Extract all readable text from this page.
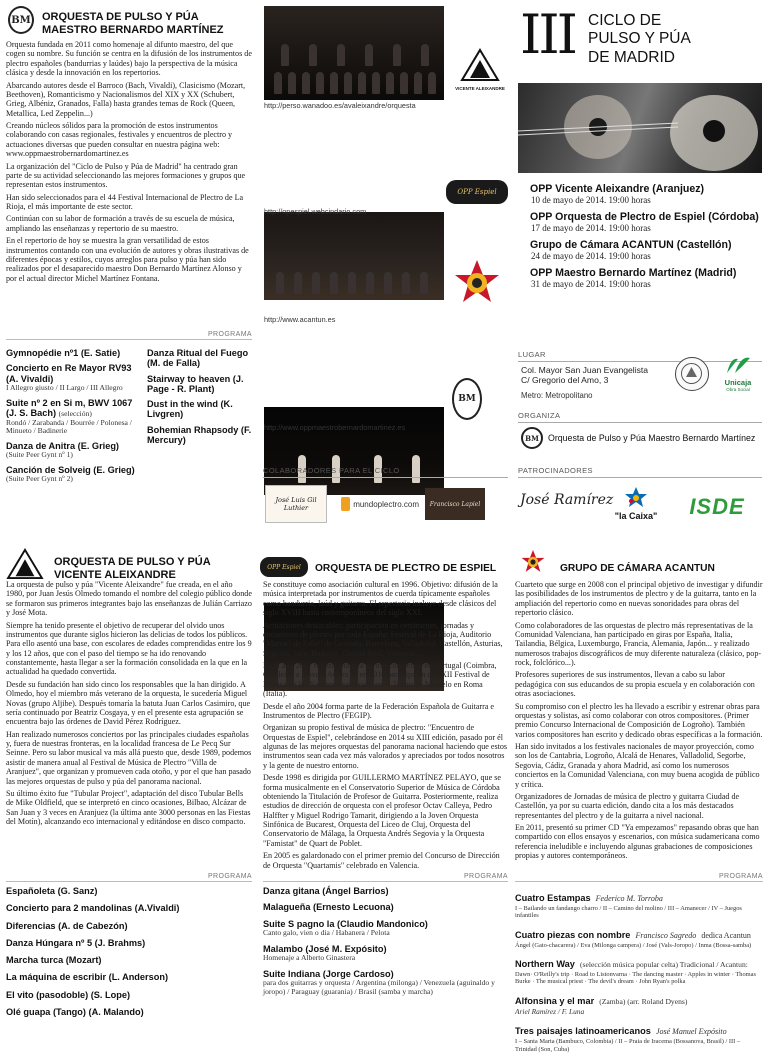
BM ORQUESTA DE PULSO Y PÚA
MAESTRO BERNARDO MARTÍNEZ

Orquesta fundada en 2011 como homenaje al difunto maestro, del que cogen su nombre. Su función se centra en la difusión de los instrumentos de plectro españoles (bandurrias y laúdes) bajo la perspectiva de la música clásica y desde la innovación en los repertorios.

Abarcando autores desde el Barroco (Bach, Vivaldi), Clasicismo (Mozart, Beethoven), Romanticismo y Nacionalismos del XIX y XX (Schubert, Grieg, Albéniz, Granados, Falla) hasta grandes temas de Rock (Queen, Metallica, Led Zeppelin...)

Creando núcleos sólidos para la promoción de estos instrumentos colaborando con casas regionales, festivales y encuentros de plectro y actuaciones diversas que pueden consultar en nuestra página web: www.oppmaestrobernardomartinez.es

La organización del "Ciclo de Pulso y Púa de Madrid" ha centrado gran parte de su actividad seleccionando las mejores formaciones y grupos que representan estos instrumentos.

Han sido seleccionados para el 44 Festival Internacional de Plectro de La Rioja, el más importante de este sector.

Continúan con su labor de formación a través de su escuela de música, ampliando las enseñanzas y repertorio de su maestro.

En el repertorio de hoy se muestra la gran versatilidad de estos instrumentos contando con una evolución de autores y obras ilustrativas de diferentes épocas y estilos, cuyos arreglos para pulso y púa han sido realizados por el desaparecido maestro Don Bernardo Martínez Alonso y por el actual director Michel Martínez Fontana.

PROGRAMA
Gymnopédie nº1 (E. Satie)
Concierto en Re Mayor RV93 (A. Vivaldi)
I Allegro giusto / II Largo / III Allegro
Suite nº 2 en Si m, BWV 1067 (J. S. Bach) (selección)
Rondó / Zarabanda / Bourrée / Polonesa / Minueto / Badinerie
Danza de Anitra (E. Grieg)
(Suite Peer Gynt nº 1)
Canción de Solveig (E. Grieg)
(Suite Peer Gynt nº 2)
Danza Ritual del Fuego (M. de Falla)
Stairway to heaven (J. Page - R. Plant)
Dust in the wind (K. Livgren)
Bohemian Rhapsody (F. Mercury)
VICENTE ALEIXANDRE
http://perso.wanadoo.es/avaleixandre/orquesta
OPP Espiel
http://opespiel.webcindario.com
http://www.acantun.es
BM
http://www.oppmaestrobernardomartinez.es
COLABORADORES PARA EL CICLO
José Luis Gil Luthier	mundoplectro.com Francisco Lapiel
III CICLO DE
PULSO Y PÚA
DE MADRID
OPP Vicente Aleixandre (Aranjuez)
10 de mayo de 2014. 19:00 horas
OPP Orquesta de Plectro de Espiel (Córdoba)
17 de mayo de 2014. 19:00 horas
Grupo de Cámara ACANTUN (Castellón)
24 de mayo de 2014. 19:00 horas
OPP Maestro Bernardo Martínez (Madrid)
31 de mayo de 2014. 19:00 horas
LUGAR
Col. Mayor San Juan Evangelista
C/ Gregorio del Amo, 3
Metro: Metropolitano
Unicaja
Obra Social
ORGANIZA
BM Orquesta de Pulso y Púa Maestro Bernardo Martínez
PATROCINADORES
José Ramírez
"la Caixa"	ISDE
ORQUESTA DE PULSO Y PÚA
VICENTE ALEIXANDRE

La orquesta de pulso y púa "Vicente Aleixandre" fue creada, en el año 1980, por Juan Jesús Olmedo tomando el nombre del colegio público donde se formaron sus primeros integrantes bajo las enseñanzas de Julián Carriazo y José Mota.

Siempre ha tenido presente el objetivo de recuperar del olvido unos instrumentos que durante siglos hicieron las delicias de todos los públicos. Para ello asentó una base, con escolares de edades comprendidas entre los 9 y los 12 años, que con el paso del tiempo se ha ido renovando constantemente, hasta llegar a ser la formación consolidada en la que en la actualidad ha quedado convertida.

Desde su fundación han sido cinco los responsables que la han dirigido. A Olmedo, hoy el miembro más veterano de la orquesta, le sucedería Miguel Novas (grupo Aljibe). Después tomaría la batuta Juan Carlos Casimiro, que sería continuado por Beatriz Cosgaya, y en el presente esta agrupación se encuentra bajo las órdenes de David Pérez Rodríguez.

Han realizado numerosos conciertos por las principales ciudades españolas y, fuera de nuestras fronteras, en la localidad francesa de Le Pecq Sur Seinne. Pero su labor musical va más allá puesto que, desde 1989, podemos asistir de manera anual al Festival de Música de Plectro "Villa de Aranjuez", que organizan y promueven cada otoño, y por el que han pasado las mejores orquestas de pulso y púa del panorama nacional.

Su último éxito fue "Tubular Project", adaptación del disco Tubular Bells de Mike Oldfield, que se interpretó en cinco ocasiones, Bilbao, Alcázar de San Juan y 3 veces en Aranjuez (la última ante 3000 personas en las Fiestas del Motín), alcanzando eco internacional y editándose en disco compacto.

PROGRAMA
Españoleta (G. Sanz)
Concierto para 2 mandolinas (A.Vivaldi)
Diferencias (A. de Cabezón)
Danza Húngara nº 5 (J. Brahms)
Marcha turca (Mozart)
La máquina de escribir (L. Anderson)
El vito (pasodoble) (S. Lope)
Olé guapa (Tango) (A. Malando)
OPP Espiel ORQUESTA DE PLECTRO DE ESPIEL

Se constituye como asociación cultural en 1996. Objetivo: difusión de la música interpretada por instrumentos de cuerda típicamente españoles como bandurria, laúd y guitarra. El repertorio incluye desde clásicos del siglo XVIII hasta contemporáneos del siglo XXI.

Actuaciones destacables: participación en certámenes, jornadas y encuentros de plectro por toda España: Festival de La Rioja, Auditorio "Manuel de Falla" de Granada, Barcelona, Valladolid, Castellón, Asturias, Segovia, Jaén, Badajoz, Ciudad Real, Valencia,...

En el año 2007 realiza una gira de tres conciertos en Portugal (Coimbra, Condeixa a Nova y Aveiro) y en 2010 participa en el XXII Festival de Música de las Naciones celebrado en el Teatro de Marcelo en Roma (Italia).

Desde el año 2004 forma parte de la Federación Española de Guitarra e Instrumentos de Plectro (FEGIP).

Organizan su propio festival de música de plectro: "Encuentro de Orquestas de Espiel", celebrándose en 2014 su XIII edición, pasado por él algunas de las mejores orquestas del panorama nacional haciendo que estos instrumentos sean cada vez más valorados y apreciados por todos nosotros y la gente de nuestro entorno.

Desde 1998 es dirigida por GUILLERMO MARTÍNEZ PELAYO, que se forma musicalmente en el Conservatorio Superior de Música de Córdoba obteniendo la Titulación de Profesor de Guitarra. Posteriormente, realiza estudios de dirección de orquesta con el profesor Octav Calleya, Pedro Halffter y Miguel Rodrigo Tamarit, dirigiendo a la Joven Orquesta Sinfónica de Bucarest, Orquesta del Liceo de Cluj, Orquesta del Conservatorio de Málaga, la Orquesta Andrés Segovia y la Orquesta "Famistat" de Quart de Poblet.

En 2005 es galardonado con el primer premio del Concurso de Dirección de Orquesta "Quartamis" celebrado en Valencia.

PROGRAMA
Danza gitana (Ángel Barrios)
Malagueña (Ernesto Lecuona)
Suite S pagno la (Claudio Mandonico)
Canto galo, vien o dia / Habanera / Pelota
Malambo (José M. Expósito)
Homenaje a Alberto Ginastera
Suite Indiana (Jorge Cardoso)
para dos guitarras y orquesta / Argentina (milonga) / Venezuela (aguinaldo y joropo) / Paraguay (guarania) / Brasil (samba y marcha)
GRUPO DE CÁMARA ACANTUN

Cuarteto que surge en 2008 con el principal objetivo de investigar y difundir las posibilidades de los instrumentos de plectro y de la guitarra, tanto en la ampliación del repertorio como en nuevas sonoridades para obras del repertorio clásico.

Como colaboradores de las orquestas de plectro más representativas de la Comunidad Valenciana, han participado en giras por España, Italia, Tailandia, Bélgica, Luxemburgo, Francia, Alemania, Japón... y realizado numerosos trabajos discográficos de muy diferente naturaleza (clásico, pop-rock, folclórico...).

Profesores superiores de sus instrumentos, llevan a cabo su labor pedagógica con sus educandos de su propia escuela y en colaboración con otras asociaciones.

Su compromiso con el plectro les ha llevado a escribir y estrenar obras para orquestas y solistas, así como colaborar con otros compositores. (Primer premio Concurso Internacional de Composición de Logroño). También varios compositores han escrito y dedicado obras específicas a la formación.

Han sido invitados a los festivales nacionales de mayor proyección, como son los de Cantabria, Logroño, Alcalá de Henares, Valladolid, Segorbe, Segovia, Cádiz, Granada y ahora Madrid, así como los numerosos conciertos en la Comunidad Valenciana, con muy buena acogida de público y crítica.

Organizadores de Jornadas de música de plectro y guitarra Ciudad de Castellón, ya por su cuarta edición, dando cita a los más destacados representantes del plectro y de la guitarra a nivel nacional.

En 2011, presentó su primer CD "Ya empezamos" repasando obras que han compartido con ellos ensayos y escenarios, con música sudamericana como referencia ineludible e incluyendo algunas grabaciones de composiciones propias y autores contemporáneos.

PROGRAMA
Cuatro Estampas Federico M. Torroba
I – Bailando un fandango charro / II – Camino del molino / III – Amanecer / IV – Juegos infantiles
Cuatro piezas con nombre Francisco Sagredo dedica Acantun
Ángel (Gato-chacarera) / Eva (Milonga campera) / José (Vals-Joropo) / Inma (Bossa-samba)
Northern Way (selección música popular celta) Tradicional / Acantun:
Dawn· O'Reilly's trip · Road to Listonvarna · The dancing master · Apples in winter · Thomas Burke · The musical priest · The devil's dream · John Ryan's polka
Alfonsina y el mar (Zamba) (arr. Roland Dyens)
Ariel Ramírez / F. Luna
Tres paisajes latinoamericanos José Manuel Expósito
I – Santa Marta (Bambuco, Colombia) / II – Praia de Iracema (Bossanova, Brasil) / III – Trinidad (Son, Cuba)
